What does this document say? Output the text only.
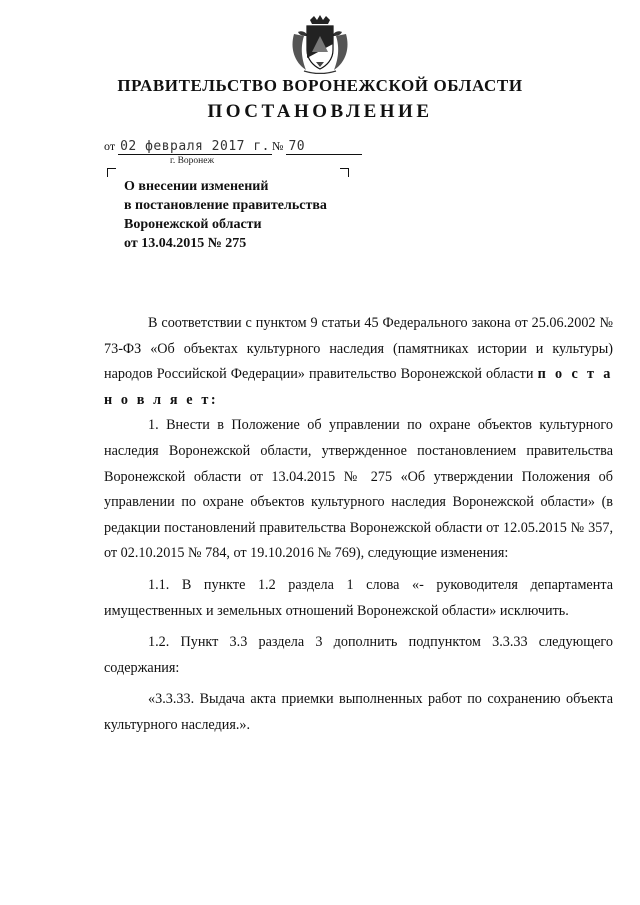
ПРАВИТЕЛЬСТВО ВОРОНЕЖСКОЙ ОБЛАСТИ
ПОСТАНОВЛЕНИЕ
от 02 февраля 2017 г. № 70
г. Воронеж
О внесении изменений
в постановление правительства
Воронежской области
от 13.04.2015 № 275

В соответствии с пунктом 9 статьи 45 Федерального закона от 25.06.2002 № 73-ФЗ «Об объектах культурного наследия (памятниках истории и культуры) народов Российской Федерации» правительство Воронежской области п о с т а н о в л я е т:

1. Внести в Положение об управлении по охране объектов культурного наследия Воронежской области, утвержденное постановлением правительства Воронежской области от 13.04.2015 № 275 «Об утверждении Положения об управлении по охране объектов культурного наследия Воронежской области» (в редакции постановлений правительства Воронежской области от 12.05.2015 № 357, от 02.10.2015 № 784, от 19.10.2016 № 769), следующие изменения:

1.1. В пункте 1.2 раздела 1 слова «- руководителя департамента имущественных и земельных отношений Воронежской области» исключить.

1.2. Пункт 3.3 раздела 3 дополнить подпунктом 3.3.33 следующего содержания:

«3.3.33. Выдача акта приемки выполненных работ по сохранению объекта культурного наследия.».
